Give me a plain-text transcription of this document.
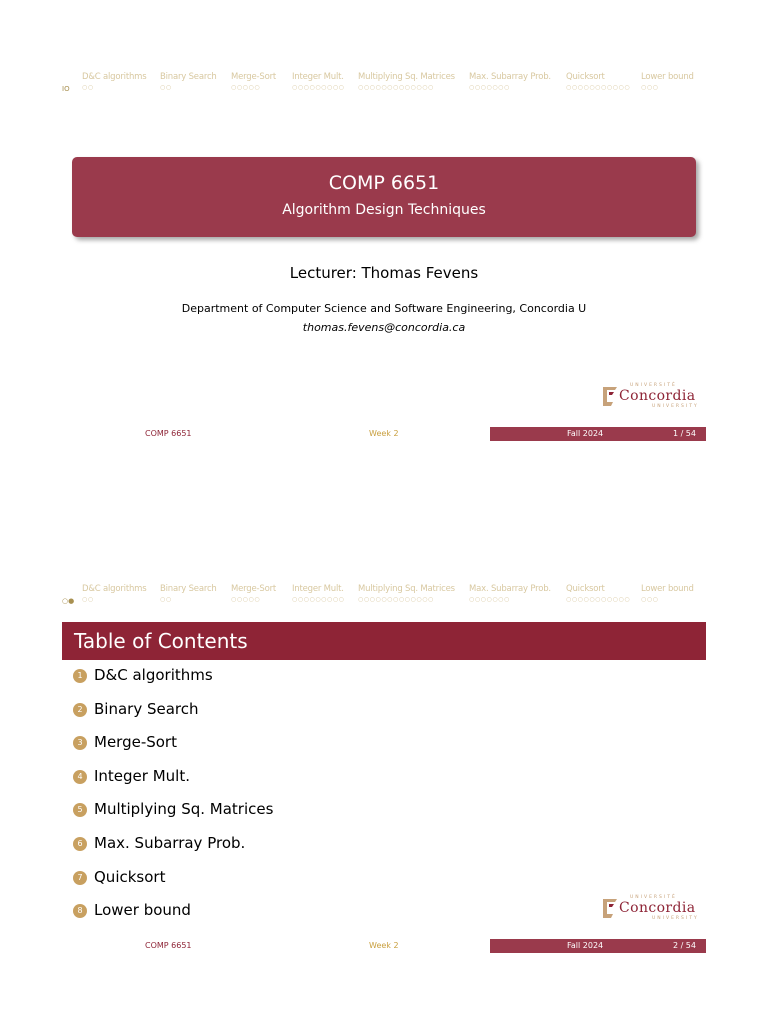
IO
D&C algorithms
○○
Binary Search
○○
Merge-Sort
○○○○○
Integer Mult.
○○○○○○○○○
Multiplying Sq. Matrices
○○○○○○○○○○○○○
Max. Subarray Prob.
○○○○○○○
Quicksort
○○○○○○○○○○○
Lower bound
○○○
COMP 6651
Algorithm Design Techniques
Lecturer: Thomas Fevens
Department of Computer Science and Software Engineering, Concordia U
thomas.fevens@concordia.ca
UNIVERSITÉ
Concordia
UNIVERSITY
COMP 6651	Week 2	Fall 2024	1 / 54
○●
D&C algorithms
○○
Binary Search
○○
Merge-Sort
○○○○○
Integer Mult.
○○○○○○○○○
Multiplying Sq. Matrices
○○○○○○○○○○○○○
Max. Subarray Prob.
○○○○○○○
Quicksort
○○○○○○○○○○○
Lower bound
○○○
Table of Contents
1 D&C algorithms
2 Binary Search
3 Merge-Sort
4 Integer Mult.
5 Multiplying Sq. Matrices
6 Max. Subarray Prob.
7 Quicksort
8 Lower bound
UNIVERSITÉ
Concordia
UNIVERSITY
COMP 6651	Week 2	Fall 2024	2 / 54
